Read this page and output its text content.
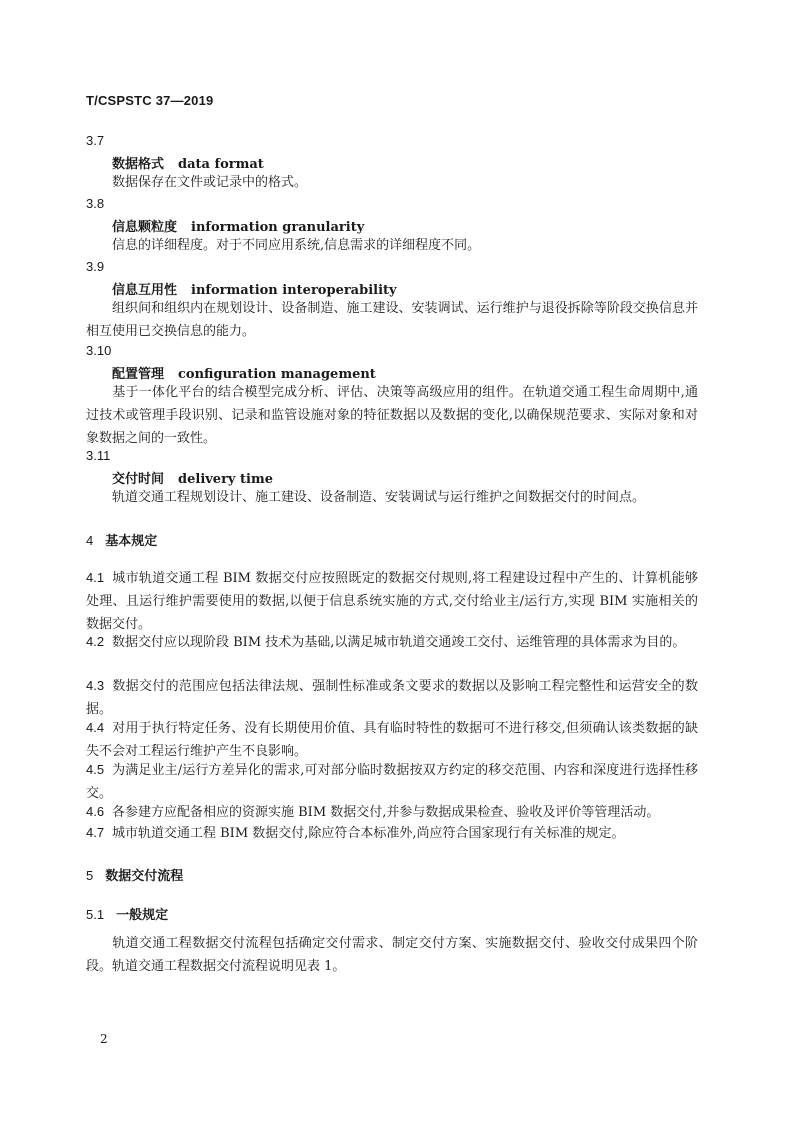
T/CSPSTC 37—2019
3.7
数据格式 data format
数据保存在文件或记录中的格式。
3.8
信息颗粒度 information granularity
信息的详细程度。对于不同应用系统,信息需求的详细程度不同。
3.9
信息互用性 information interoperability
组织间和组织内在规划设计、设备制造、施工建设、安装调试、运行维护与退役拆除等阶段交换信息并相互使用已交换信息的能力。
3.10
配置管理 configuration management
基于一体化平台的结合模型完成分析、评估、决策等高级应用的组件。在轨道交通工程生命周期中,通过技术或管理手段识别、记录和监管设施对象的特征数据以及数据的变化,以确保规范要求、实际对象和对象数据之间的一致性。
3.11
交付时间 delivery time
轨道交通工程规划设计、施工建设、设备制造、安装调试与运行维护之间数据交付的时间点。
4 基本规定
4.1 城市轨道交通工程 BIM 数据交付应按照既定的数据交付规则,将工程建设过程中产生的、计算机能够处理、且运行维护需要使用的数据,以便于信息系统实施的方式,交付给业主/运行方,实现 BIM 实施相关的数据交付。
4.2 数据交付应以现阶段 BIM 技术为基础,以满足城市轨道交通竣工交付、运维管理的具体需求为目的。
4.3 数据交付的范围应包括法律法规、强制性标准或条文要求的数据以及影响工程完整性和运营安全的数据。
4.4 对用于执行特定任务、没有长期使用价值、具有临时特性的数据可不进行移交,但须确认该类数据的缺失不会对工程运行维护产生不良影响。
4.5 为满足业主/运行方差异化的需求,可对部分临时数据按双方约定的移交范围、内容和深度进行选择性移交。
4.6 各参建方应配备相应的资源实施 BIM 数据交付,并参与数据成果检查、验收及评价等管理活动。
4.7 城市轨道交通工程 BIM 数据交付,除应符合本标准外,尚应符合国家现行有关标准的规定。
5 数据交付流程
5.1 一般规定
轨道交通工程数据交付流程包括确定交付需求、制定交付方案、实施数据交付、验收交付成果四个阶段。轨道交通工程数据交付流程说明见表 1。
2
